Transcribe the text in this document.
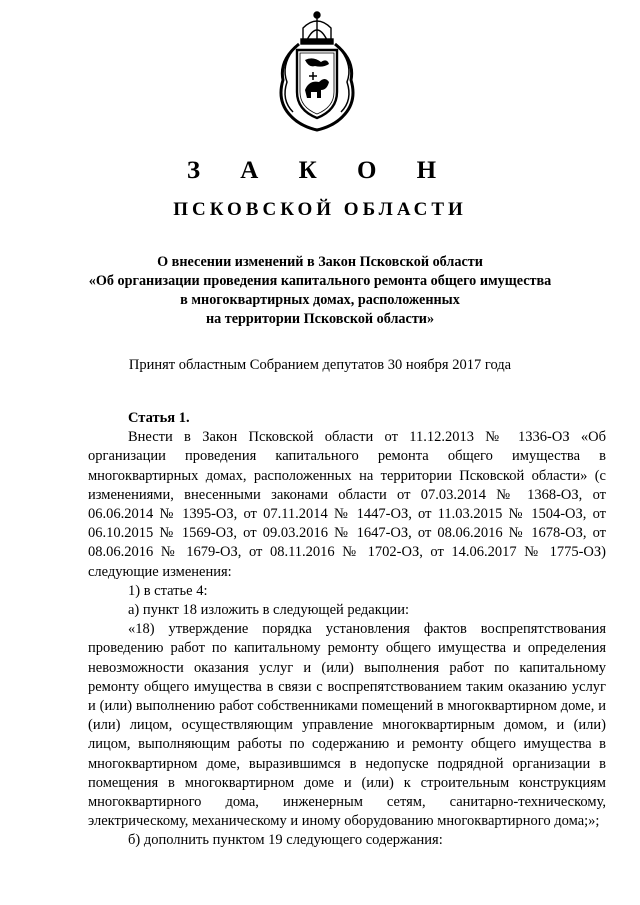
З А К О Н
ПСКОВСКОЙ ОБЛАСТИ
О внесении изменений в Закон Псковской области
«Об организации проведения капитального ремонта общего имущества
в многоквартирных домах, расположенных
на территории Псковской области»
Принят областным Собранием депутатов 30 ноября 2017 года

Статья 1.

Внести в Закон Псковской области от 11.12.2013 № 1336-ОЗ «Об организации проведения капитального ремонта общего имущества в многоквартирных домах, расположенных на территории Псковской области» (с изменениями, внесенными законами области от 07.03.2014 № 1368-ОЗ, от 06.06.2014 № 1395-ОЗ, от 07.11.2014 № 1447-ОЗ, от 11.03.2015 № 1504-ОЗ, от 06.10.2015 № 1569-ОЗ, от 09.03.2016 № 1647-ОЗ, от 08.06.2016 № 1678-ОЗ, от 08.06.2016 № 1679-ОЗ, от 08.11.2016 № 1702-ОЗ, от 14.06.2017 № 1775-ОЗ) следующие изменения:

1) в статье 4:

а) пункт 18 изложить в следующей редакции:

«18) утверждение порядка установления фактов воспрепятствования проведению работ по капитальному ремонту общего имущества и определения невозможности оказания услуг и (или) выполнения работ по капитальному ремонту общего имущества в связи с воспрепятствованием таким оказанию услуг и (или) выполнению работ собственниками помещений в многоквартирном доме, и (или) лицом, осуществляющим управление многоквартирным домом, и (или) лицом, выполняющим работы по содержанию и ремонту общего имущества в многоквартирном доме, выразившимся в недопуске подрядной организации в помещения в многоквартирном доме и (или) к строительным конструкциям многоквартирного дома, инженерным сетям, санитарно-техническому, электрическому, механическому и иному оборудованию многоквартирного дома;»;

б) дополнить пунктом 19 следующего содержания:
